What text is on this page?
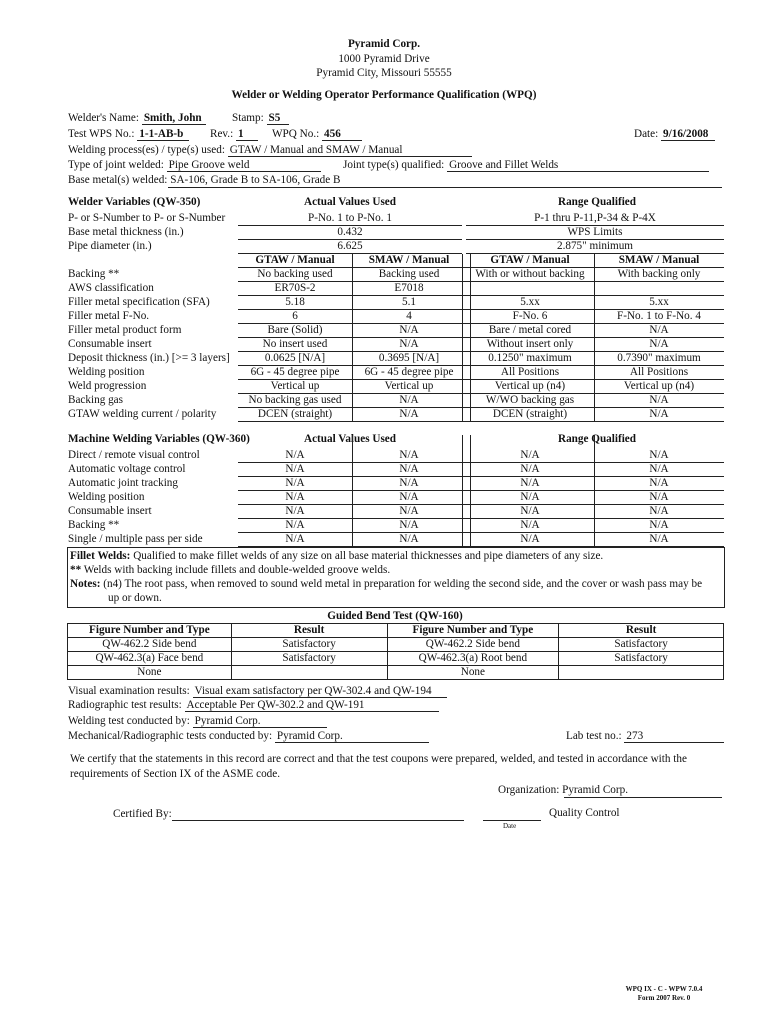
Pyramid Corp.
1000 Pyramid Drive
Pyramid City, Missouri 55555
Welder or Welding Operator Performance Qualification (WPQ)
Welder's Name: Smith, John	Stamp: S5
Test WPS No.: 1-1-AB-b	Rev.: 1	WPQ No.: 456	Date: 9/16/2008
Welding process(es) / type(s) used: GTAW / Manual and SMAW / Manual
Type of joint welded: Pipe Groove weld	Joint type(s) qualified: Groove and Fillet Welds
Base metal(s) welded: SA-106, Grade B to SA-106, Grade B
Welder Variables (QW-350)	Actual Values Used	Range Qualified
P- or S-Number to P- or S-Number	P-No. 1 to P-No. 1	P-1 thru P-11,P-34 & P-4X
Base metal thickness (in.)	0.432	WPS Limits
Pipe diameter (in.)	6.625	2.875" minimum
GTAW / Manual	SMAW / Manual	GTAW / Manual	SMAW / Manual
Backing **	No backing used	Backing used	With or without backing	With backing only
AWS classification	ER70S-2	E7018
Filler metal specification (SFA)	5.18	5.1	5.xx	5.xx
Filler metal F-No.	6	4	F-No. 6	F-No. 1 to F-No. 4
Filler metal product form	Bare (Solid)	N/A	Bare / metal cored	N/A
Consumable insert	No insert used	N/A	Without insert only	N/A
Deposit thickness (in.) [>= 3 layers]	0.0625 [N/A]	0.3695 [N/A]	0.1250" maximum	0.7390" maximum
Welding position	6G - 45 degree pipe	6G - 45 degree pipe	All Positions	All Positions
Weld progression	Vertical up	Vertical up	Vertical up (n4)	Vertical up (n4)
Backing gas	No backing gas used	N/A	W/WO backing gas	N/A
GTAW welding current / polarity	DCEN (straight)	N/A	DCEN (straight)	N/A
Machine Welding Variables (QW-360)	Actual Values Used	Range Qualified
Direct / remote visual control	N/A	N/A	N/A	N/A
Automatic voltage control	N/A	N/A	N/A	N/A
Automatic joint tracking	N/A	N/A	N/A	N/A
Welding position	N/A	N/A	N/A	N/A
Consumable insert	N/A	N/A	N/A	N/A
Backing **	N/A	N/A	N/A	N/A
Single / multiple pass per side	N/A	N/A	N/A	N/A
Fillet Welds: Qualified to make fillet welds of any size on all base material thicknesses and pipe diameters of any size.
** Welds with backing include fillets and double-welded groove welds.
Notes: (n4) The root pass, when removed to sound weld metal in preparation for welding the second side, and the cover or wash pass may be
up or down.
Guided Bend Test (QW-160)
Figure Number and Type	Result	Figure Number and Type	Result
QW-462.2 Side bend	Satisfactory	QW-462.2 Side bend	Satisfactory
QW-462.3(a) Face bend	Satisfactory	QW-462.3(a) Root bend	Satisfactory
None		None	
Visual examination results: Visual exam satisfactory per QW-302.4 and QW-194
Radiographic test results: Acceptable Per QW-302.2 and QW-191
Welding test conducted by: Pyramid Corp.
Mechanical/Radiographic tests conducted by: Pyramid Corp.	Lab test no.: 273
We certify that the statements in this record are correct and that the test coupons were prepared, welded, and tested in accordance with the
requirements of Section IX of the ASME code.
Organization: Pyramid Corp.
Certified By:
Date
Quality Control
WPQ IX - C - WPW 7.0.4
Form 2007 Rev. 0
